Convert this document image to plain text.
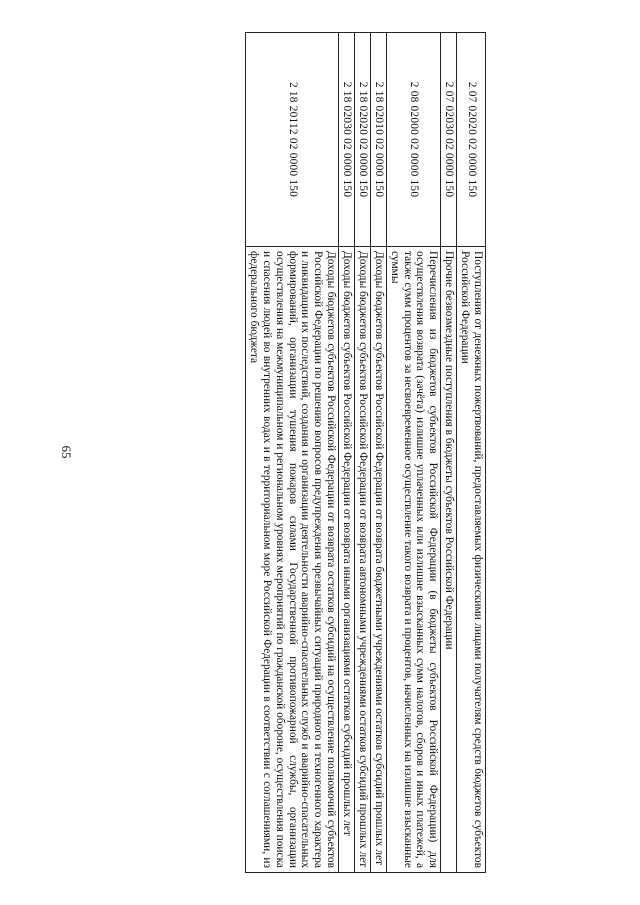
65
2 07 02020 02 0000 150	Поступления от денежных пожертвований, предоставляемых физическими лицами получателям средств бюджетов субъектов Российской Федерации
2 07 02030 02 0000 150	Прочие безвозмездные поступления в бюджеты субъектов Российской Федерации
2 08 02000 02 0000 150	Перечисления из бюджетов субъектов Российской Федерации (в бюджеты субъектов Российской Федерации) для осуществления возврата (зачёта) излишне уплаченных или излишне взысканных сумм налогов, сборов и иных платежей, а также сумм процентов за несвоевременное осуществление такого возврата и процентов, начисленных на излишне взысканные суммы
2 18 02010 02 0000 150	Доходы бюджетов субъектов Российской Федерации от возврата бюджетными учреждениями остатков субсидий прошлых лет
2 18 02020 02 0000 150	Доходы бюджетов субъектов Российской Федерации от возврата автономными учреждениями остатков субсидий прошлых лет
2 18 02030 02 0000 150	Доходы бюджетов субъектов Российской Федерации от возврата иными организациями остатков субсидий прошлых лет
2 18 20112 02 0000 150	Доходы бюджетов субъектов Российской Федерации от возврата остатков субсидий на осуществление полномочий субъектов Российской Федерации по решению вопросов предупреждения чрезвычайных ситуаций природного и техногенного характера и ликвидации их последствий, создания и организации деятельности аварийно-спасательных служб и аварийно-спасательных формирований, организации тушения пожаров силами Государственной противопожарной службы, организации осуществления на межмуниципальном и региональном уровнях мероприятий по гражданской обороне, осуществления поиска и спасения людей во внутренних водах и в территориальном море Российской Федерации в соответствии с соглашениями, из федерального бюджета
